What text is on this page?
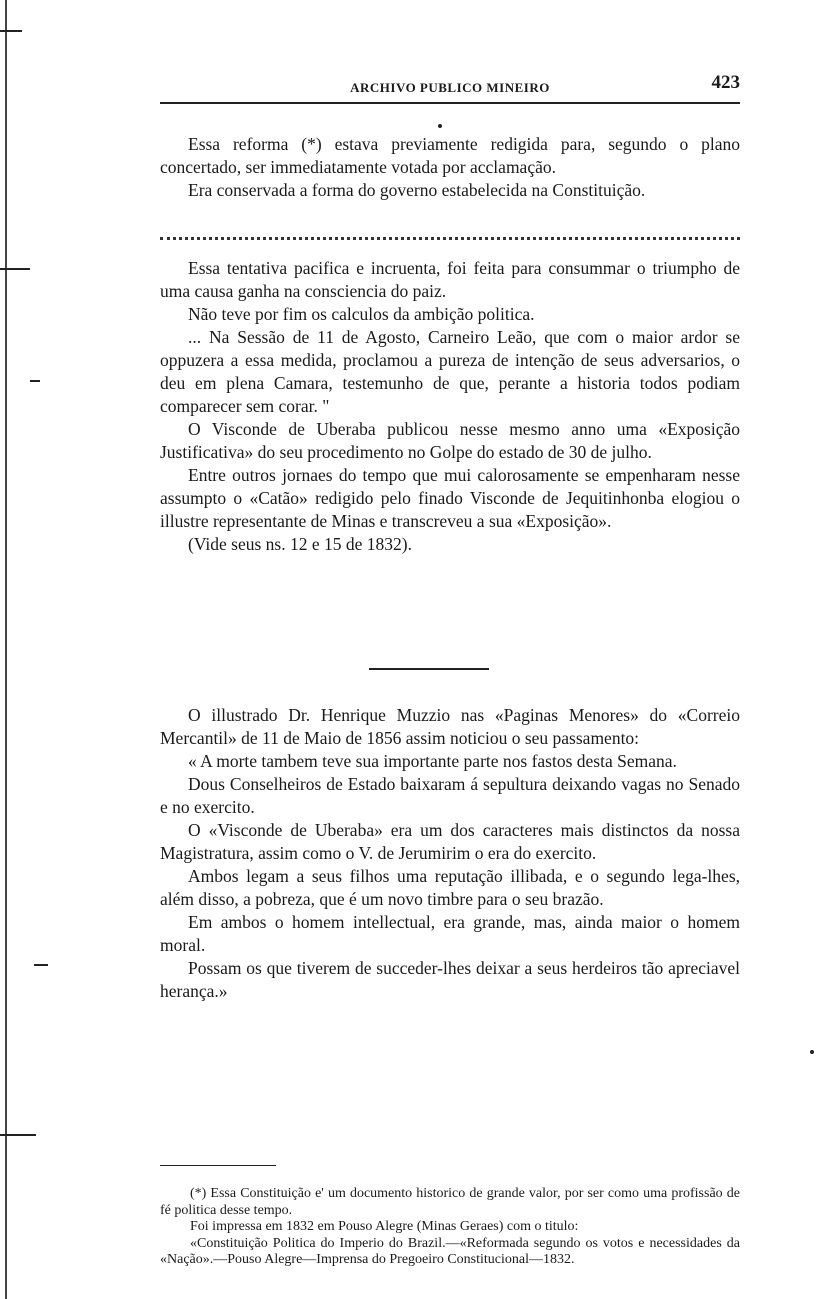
ARCHIVO PUBLICO MINEIRO	423

Essa reforma (*) estava previamente redigida para, segundo o plano concertado, ser immediatamente votada por acclamação.

Era conservada a forma do governo estabelecida na Constituição.

Essa tentativa pacifica e incruenta, foi feita para consummar o triumpho de uma causa ganha na consciencia do paiz.

Não teve por fim os calculos da ambição politica.

... Na Sessão de 11 de Agosto, Carneiro Leão, que com o maior ardor se oppuzera a essa medida, proclamou a pureza de intenção de seus adversarios, o deu em plena Camara, testemunho de que, perante a historia todos podiam comparecer sem corar. "

O Visconde de Uberaba publicou nesse mesmo anno uma «Exposição Justificativa» do seu procedimento no Golpe do estado de 30 de julho.

Entre outros jornaes do tempo que mui calorosamente se empenharam nesse assumpto o «Catão» redigido pelo finado Visconde de Jequitinhonba elogiou o illustre representante de Minas e transcreveu a sua «Exposição».

(Vide seus ns. 12 e 15 de 1832).

O illustrado Dr. Henrique Muzzio nas «Paginas Menores» do «Correio Mercantil» de 11 de Maio de 1856 assim noticiou o seu passamento:

« A morte tambem teve sua importante parte nos fastos desta Semana.

Dous Conselheiros de Estado baixaram á sepultura deixando vagas no Senado e no exercito.

O «Visconde de Uberaba» era um dos caracteres mais distinctos da nossa Magistratura, assim como o V. de Jerumirim o era do exercito.

Ambos legam a seus filhos uma reputação illibada, e o segundo lega-lhes, além disso, a pobreza, que é um novo timbre para o seu brazão.

Em ambos o homem intellectual, era grande, mas, ainda maior o homem moral.

Possam os que tiverem de succeder-lhes deixar a seus herdeiros tão apreciavel herança.»

(*) Essa Constituição e' um documento historico de grande valor, por ser como uma profissão de fé politica desse tempo.

Foi impressa em 1832 em Pouso Alegre (Minas Geraes) com o titulo:

«Constituição Politica do Imperio do Brazil.—«Reformada segundo os votos e necessidades da «Nação».—Pouso Alegre—Imprensa do Pregoeiro Constitucional—1832.
